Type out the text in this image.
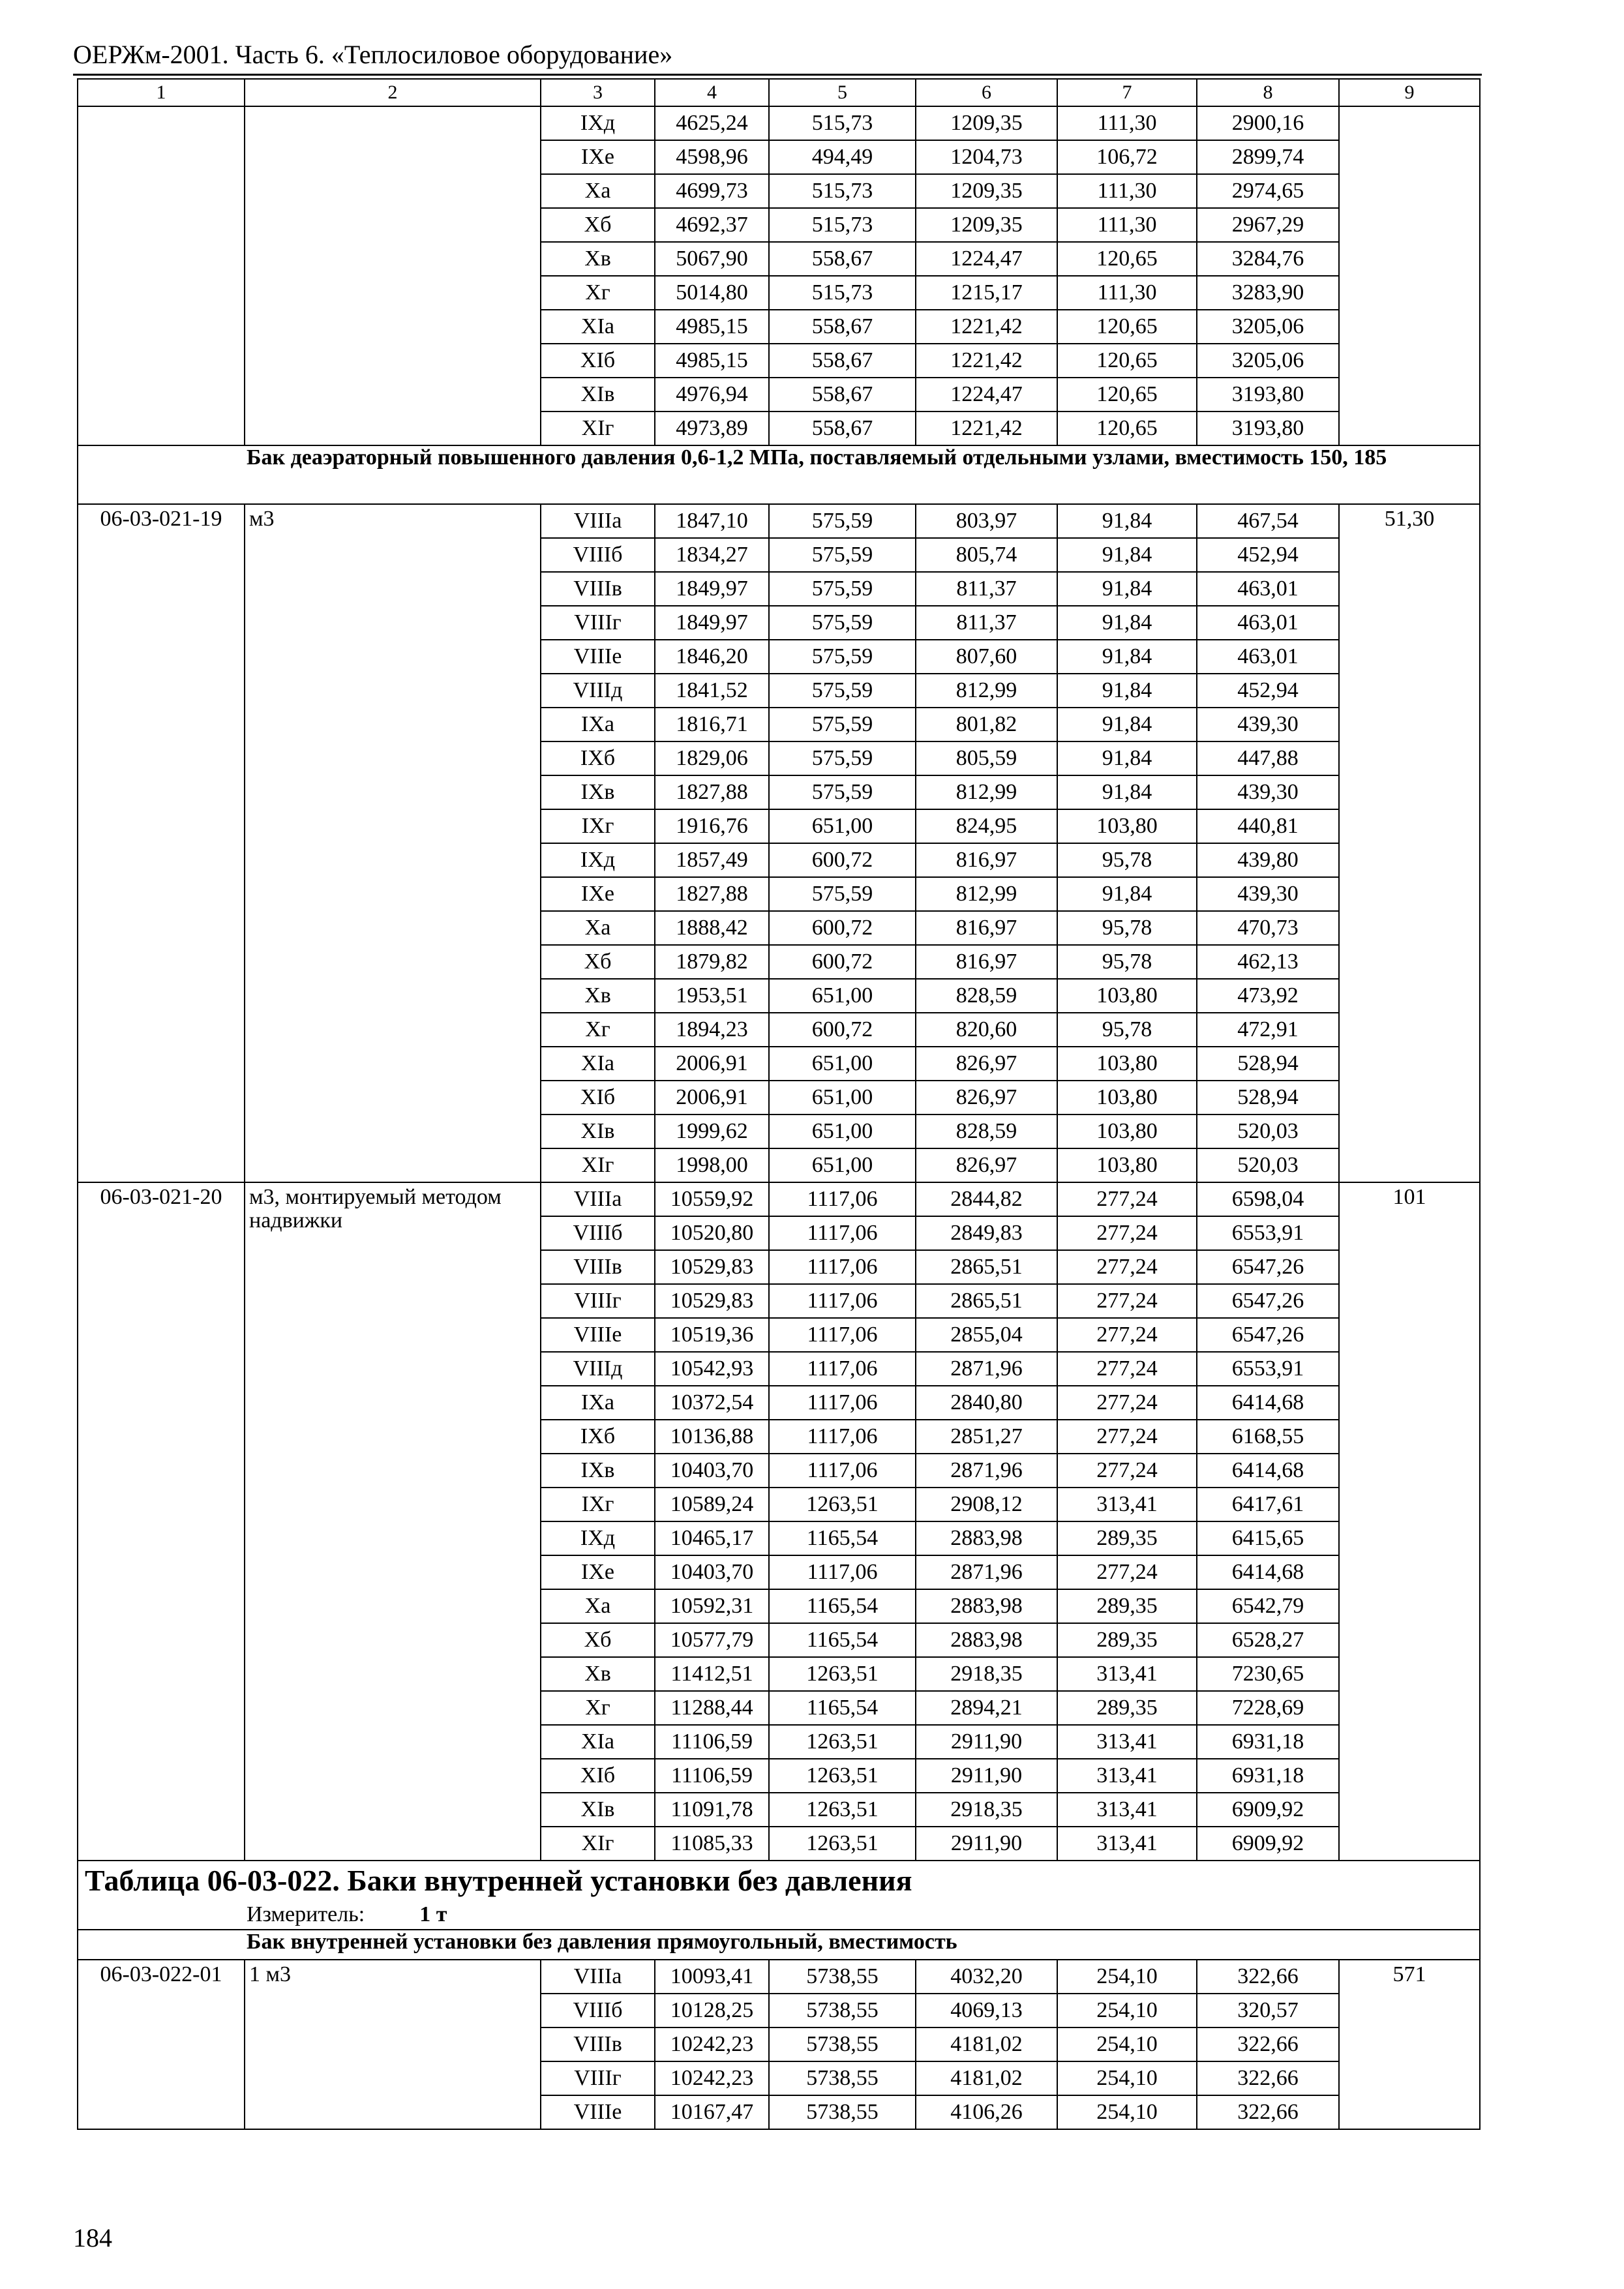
ОЕРЖм-2001. Часть 6. «Теплосиловое оборудование»
1	2	3	4	5	6	7	8	9
		IXд	4625,24	515,73	1209,35	111,30	2900,16	
		IXе	4598,96	494,49	1204,73	106,72	2899,74	
		Xа	4699,73	515,73	1209,35	111,30	2974,65	
		Xб	4692,37	515,73	1209,35	111,30	2967,29	
		Xв	5067,90	558,67	1224,47	120,65	3284,76	
		Xг	5014,80	515,73	1215,17	111,30	3283,90	
		XIа	4985,15	558,67	1221,42	120,65	3205,06	
		XIб	4985,15	558,67	1221,42	120,65	3205,06	
		XIв	4976,94	558,67	1224,47	120,65	3193,80	
		XIг	4973,89	558,67	1221,42	120,65	3193,80	
Бак деаэраторный повышенного давления 0,6-1,2 МПа, поставляемый отдельными узлами, вместимость 150, 185								
06-03-021-19	м3	VIIIа	1847,10	575,59	803,97	91,84	467,54	51,30
		VIIIб	1834,27	575,59	805,74	91,84	452,94	
		VIIIв	1849,97	575,59	811,37	91,84	463,01	
		VIIIг	1849,97	575,59	811,37	91,84	463,01	
		VIIIе	1846,20	575,59	807,60	91,84	463,01	
		VIIIд	1841,52	575,59	812,99	91,84	452,94	
		IXа	1816,71	575,59	801,82	91,84	439,30	
		IXб	1829,06	575,59	805,59	91,84	447,88	
		IXв	1827,88	575,59	812,99	91,84	439,30	
		IXг	1916,76	651,00	824,95	103,80	440,81	
		IXд	1857,49	600,72	816,97	95,78	439,80	
		IXе	1827,88	575,59	812,99	91,84	439,30	
		Xа	1888,42	600,72	816,97	95,78	470,73	
		Xб	1879,82	600,72	816,97	95,78	462,13	
		Xв	1953,51	651,00	828,59	103,80	473,92	
		Xг	1894,23	600,72	820,60	95,78	472,91	
		XIа	2006,91	651,00	826,97	103,80	528,94	
		XIб	2006,91	651,00	826,97	103,80	528,94	
		XIв	1999,62	651,00	828,59	103,80	520,03	
		XIг	1998,00	651,00	826,97	103,80	520,03	
06-03-021-20	м3, монтируемый методом надвижки	VIIIа	10559,92	1117,06	2844,82	277,24	6598,04	101
		VIIIб	10520,80	1117,06	2849,83	277,24	6553,91	
		VIIIв	10529,83	1117,06	2865,51	277,24	6547,26	
		VIIIг	10529,83	1117,06	2865,51	277,24	6547,26	
		VIIIе	10519,36	1117,06	2855,04	277,24	6547,26	
		VIIIд	10542,93	1117,06	2871,96	277,24	6553,91	
		IXа	10372,54	1117,06	2840,80	277,24	6414,68	
		IXб	10136,88	1117,06	2851,27	277,24	6168,55	
		IXв	10403,70	1117,06	2871,96	277,24	6414,68	
		IXг	10589,24	1263,51	2908,12	313,41	6417,61	
		IXд	10465,17	1165,54	2883,98	289,35	6415,65	
		IXе	10403,70	1117,06	2871,96	277,24	6414,68	
		Xа	10592,31	1165,54	2883,98	289,35	6542,79	
		Xб	10577,79	1165,54	2883,98	289,35	6528,27	
		Xв	11412,51	1263,51	2918,35	313,41	7230,65	
		Xг	11288,44	1165,54	2894,21	289,35	7228,69	
		XIа	11106,59	1263,51	2911,90	313,41	6931,18	
		XIб	11106,59	1263,51	2911,90	313,41	6931,18	
		XIв	11091,78	1263,51	2918,35	313,41	6909,92	
		XIг	11085,33	1263,51	2911,90	313,41	6909,92	
Таблица 06-03-022. Баки внутренней установки без давления								
Измеритель: 1 т								
Бак внутренней установки без давления прямоугольный, вместимость								
06-03-022-01	1 м3	VIIIа	10093,41	5738,55	4032,20	254,10	322,66	571
		VIIIб	10128,25	5738,55	4069,13	254,10	320,57	
		VIIIв	10242,23	5738,55	4181,02	254,10	322,66	
		VIIIг	10242,23	5738,55	4181,02	254,10	322,66	
		VIIIе	10167,47	5738,55	4106,26	254,10	322,66	
184
